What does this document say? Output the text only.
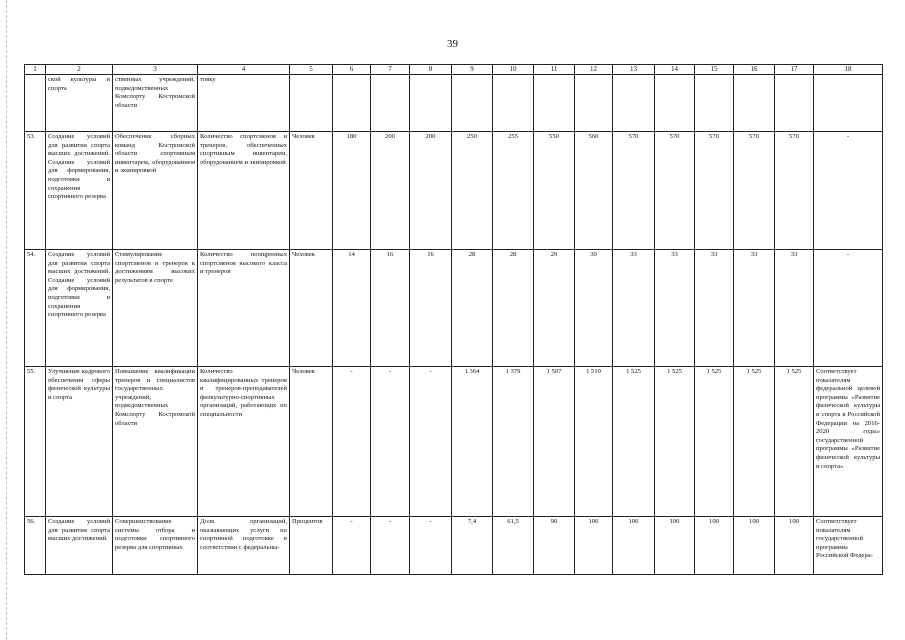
39
1	2	3	4	5	6	7	8	9	10	11	12	13	14	15	16	17	18
	ской культуры и спорта	ственных учреждений, подведомственных Комспорту Костромской области	товку														
53.	Создание условий для развития спорта высших достижений. Создание условий для формирования, подготовки и сохранения спортивного резерва	Обеспечение сборных команд Костромской области спортивным инвентарем, оборудованием и экипировкой	Количество спортсменов и тренеров, обеспеченных спортивным инвентарем, оборудованием и экипировкой	Человек	180	200	200	250	255	550	560	570	570	570	570	570	-
54.	Создание условий для развития спорта высших достижений. Создание условий для формирования, подготовки и сохранения спортивного резерва	Стимулирование спортсменов и тренеров к достижениям высоких результатов в спорте	Количество поощренных спортсменов высокого класса и тренеров	Человек	14	16	16	28	28	29	30	33	33	33	33	33	-
55.	Улучшение кадрового обеспечения сферы физической культуры и спорта	Повышение квалификации тренеров и специалистов государственных учреждений, подведомственных Комспорту Костромской области	Количество квалифицированных тренеров и тренеров-преподавателей физкультурно-спортивных организаций, работающих по специальности	Человек	-	-	-	1 364	1 379	1 507	1 510	1 525	1 525	1 525	1 525	1 525	Соответствует показателям федеральной целевой программы «Развитие физической культуры и спорта в Российской Федерации на 2016-2020 годы» государственной программы «Развитие физической культуры и спорта»
56.	Создание условий для развития спорта высших достижений.	Совершенствование системы отбора и подготовки спортивного резерва для спортивных	Доля организаций, оказывающих услуги по спортивной подготовке в соответствии с федеральны-	Процентов	-	-	-	7,4	61,5	90	100	100	100	100	100	100	Соответствует показателям государственной программы Российской Федера-
